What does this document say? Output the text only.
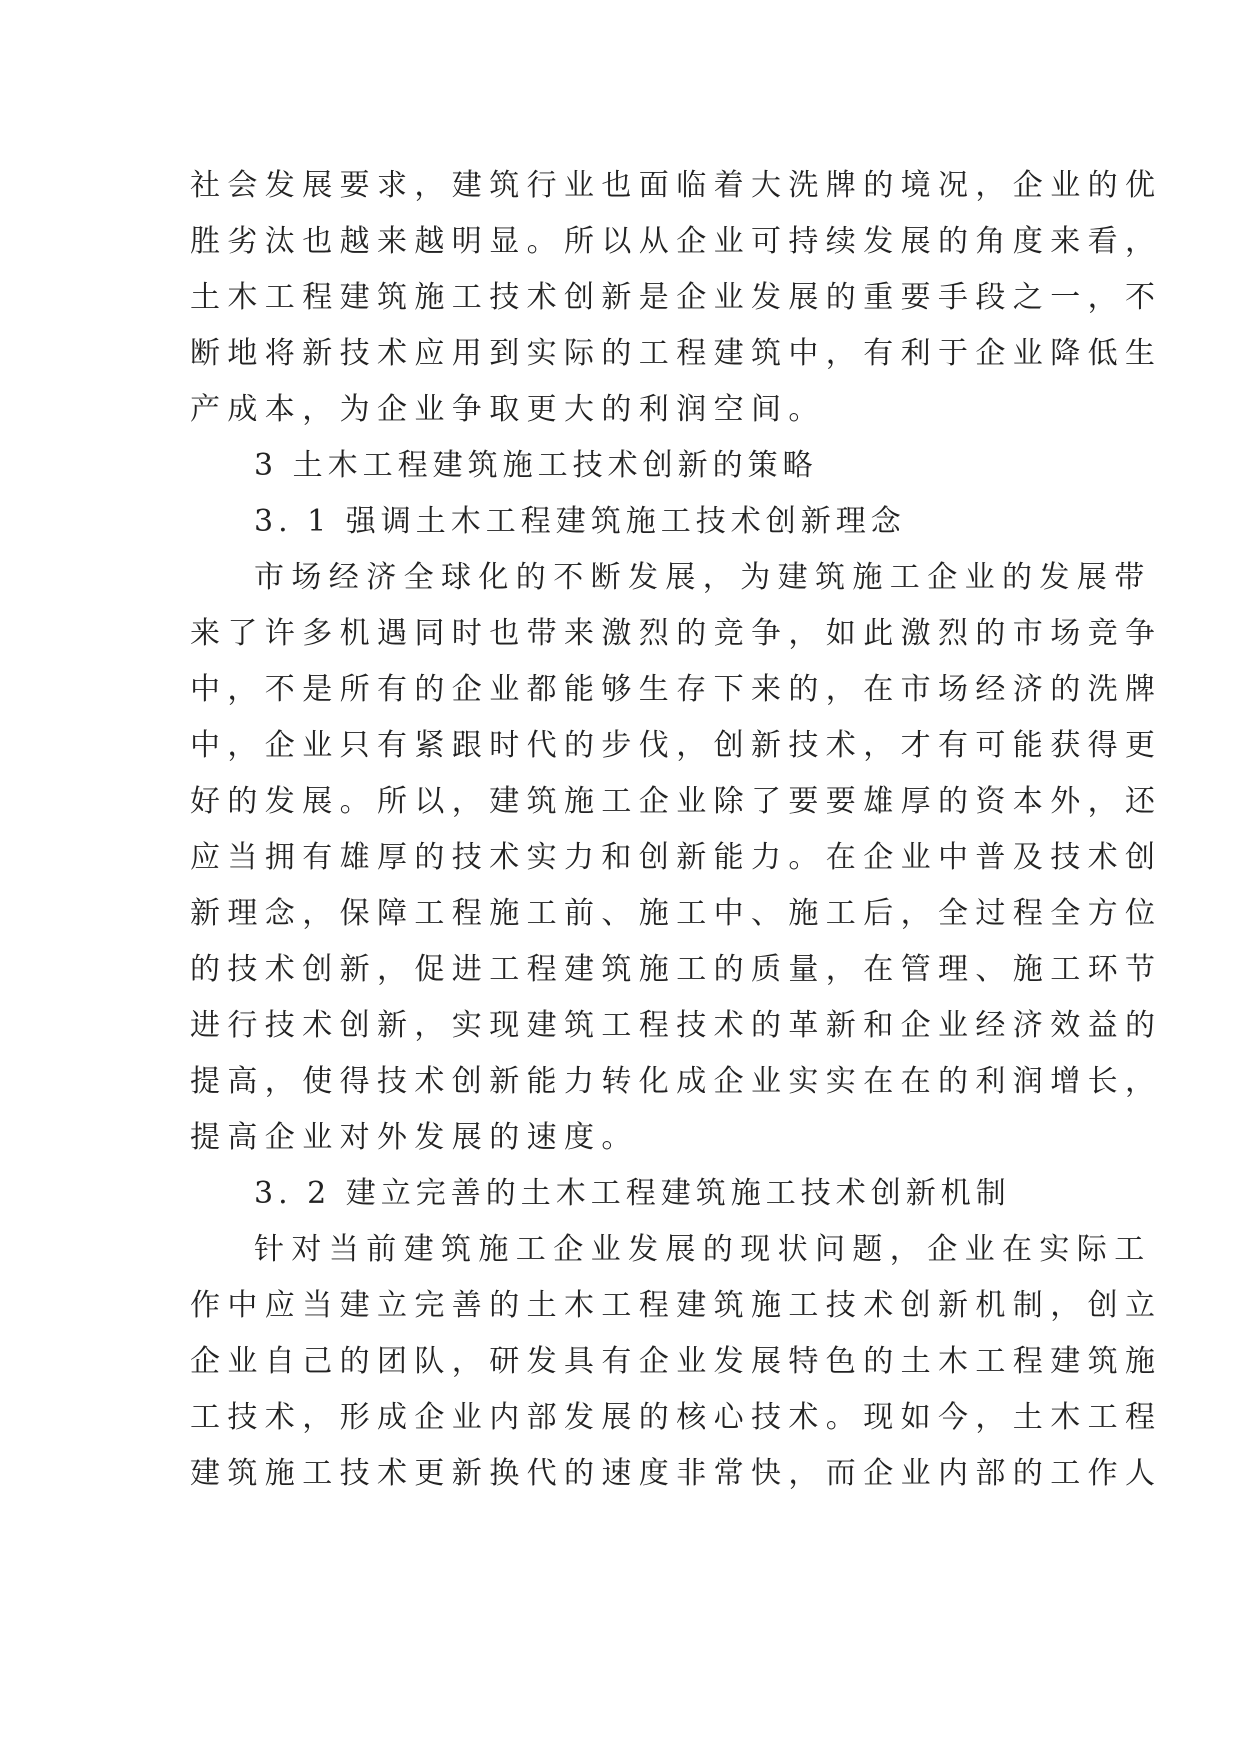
社会发展要求，建筑行业也面临着大洗牌的境况，企业的优
胜劣汰也越来越明显。所以从企业可持续发展的角度来看，
土木工程建筑施工技术创新是企业发展的重要手段之一，不
断地将新技术应用到实际的工程建筑中，有利于企业降低生
产成本，为企业争取更大的利润空间。
3 土木工程建筑施工技术创新的策略
3. 1 强调土木工程建筑施工技术创新理念
市场经济全球化的不断发展，为建筑施工企业的发展带
来了许多机遇同时也带来激烈的竞争，如此激烈的市场竞争
中，不是所有的企业都能够生存下来的，在市场经济的洗牌
中，企业只有紧跟时代的步伐，创新技术，才有可能获得更
好的发展。所以，建筑施工企业除了要要雄厚的资本外，还
应当拥有雄厚的技术实力和创新能力。在企业中普及技术创
新理念，保障工程施工前、施工中、施工后，全过程全方位
的技术创新，促进工程建筑施工的质量，在管理、施工环节
进行技术创新，实现建筑工程技术的革新和企业经济效益的
提高，使得技术创新能力转化成企业实实在在的利润增长，
提高企业对外发展的速度。
3. 2 建立完善的土木工程建筑施工技术创新机制
针对当前建筑施工企业发展的现状问题，企业在实际工
作中应当建立完善的土木工程建筑施工技术创新机制，创立
企业自己的团队，研发具有企业发展特色的土木工程建筑施
工技术，形成企业内部发展的核心技术。现如今，土木工程
建筑施工技术更新换代的速度非常快，而企业内部的工作人
